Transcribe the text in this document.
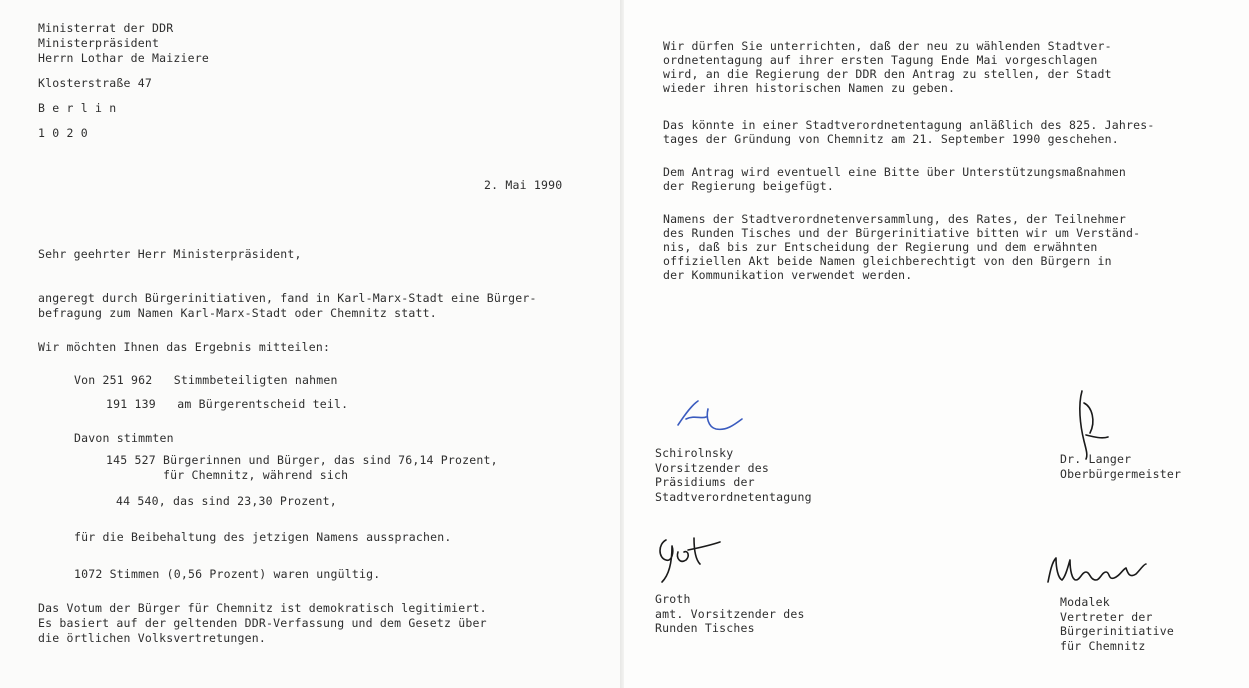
Ministerrat der DDR
Ministerpräsident
Herrn Lothar de Maiziere
Klosterstraße 47
B e r l i n
1 0 2 0
2. Mai 1990
Sehr geehrter Herr Ministerpräsident,
angeregt durch Bürgerinitiativen, fand in Karl-Marx-Stadt eine Bürger-
befragung zum Namen Karl-Marx-Stadt oder Chemnitz statt.
Wir möchten Ihnen das Ergebnis mitteilen:
Von 251 962   Stimmbeteiligten nahmen
191 139   am Bürgerentscheid teil.
Davon stimmten
145 527 Bürgerinnen und Bürger, das sind 76,14 Prozent,
für Chemnitz, während sich
44 540, das sind 23,30 Prozent,
für die Beibehaltung des jetzigen Namens aussprachen.
1072 Stimmen (0,56 Prozent) waren ungültig.
Das Votum der Bürger für Chemnitz ist demokratisch legitimiert.
Es basiert auf der geltenden DDR-Verfassung und dem Gesetz über
die örtlichen Volksvertretungen.
Wir dürfen Sie unterrichten, daß der neu zu wählenden Stadtver-
ordnetentagung auf ihrer ersten Tagung Ende Mai vorgeschlagen
wird, an die Regierung der DDR den Antrag zu stellen, der Stadt
wieder ihren historischen Namen zu geben.
Das könnte in einer Stadtverordnetentagung anläßlich des 825. Jahres-
tages der Gründung von Chemnitz am 21. September 1990 geschehen.
Dem Antrag wird eventuell eine Bitte über Unterstützungsmaßnahmen
der Regierung beigefügt.
Namens der Stadtverordnetenversammlung, des Rates, der Teilnehmer
des Runden Tisches und der Bürgerinitiative bitten wir um Verständ-
nis, daß bis zur Entscheidung der Regierung und dem erwähnten
offiziellen Akt beide Namen gleichberechtigt von den Bürgern in
der Kommunikation verwendet werden.
Schirolnsky
Vorsitzender des
Präsidiums der
Stadtverordnetentagung
Dr. Langer
Oberbürgermeister
Groth
amt. Vorsitzender des
Runden Tisches
Modalek
Vertreter der
Bürgerinitiative
für Chemnitz
